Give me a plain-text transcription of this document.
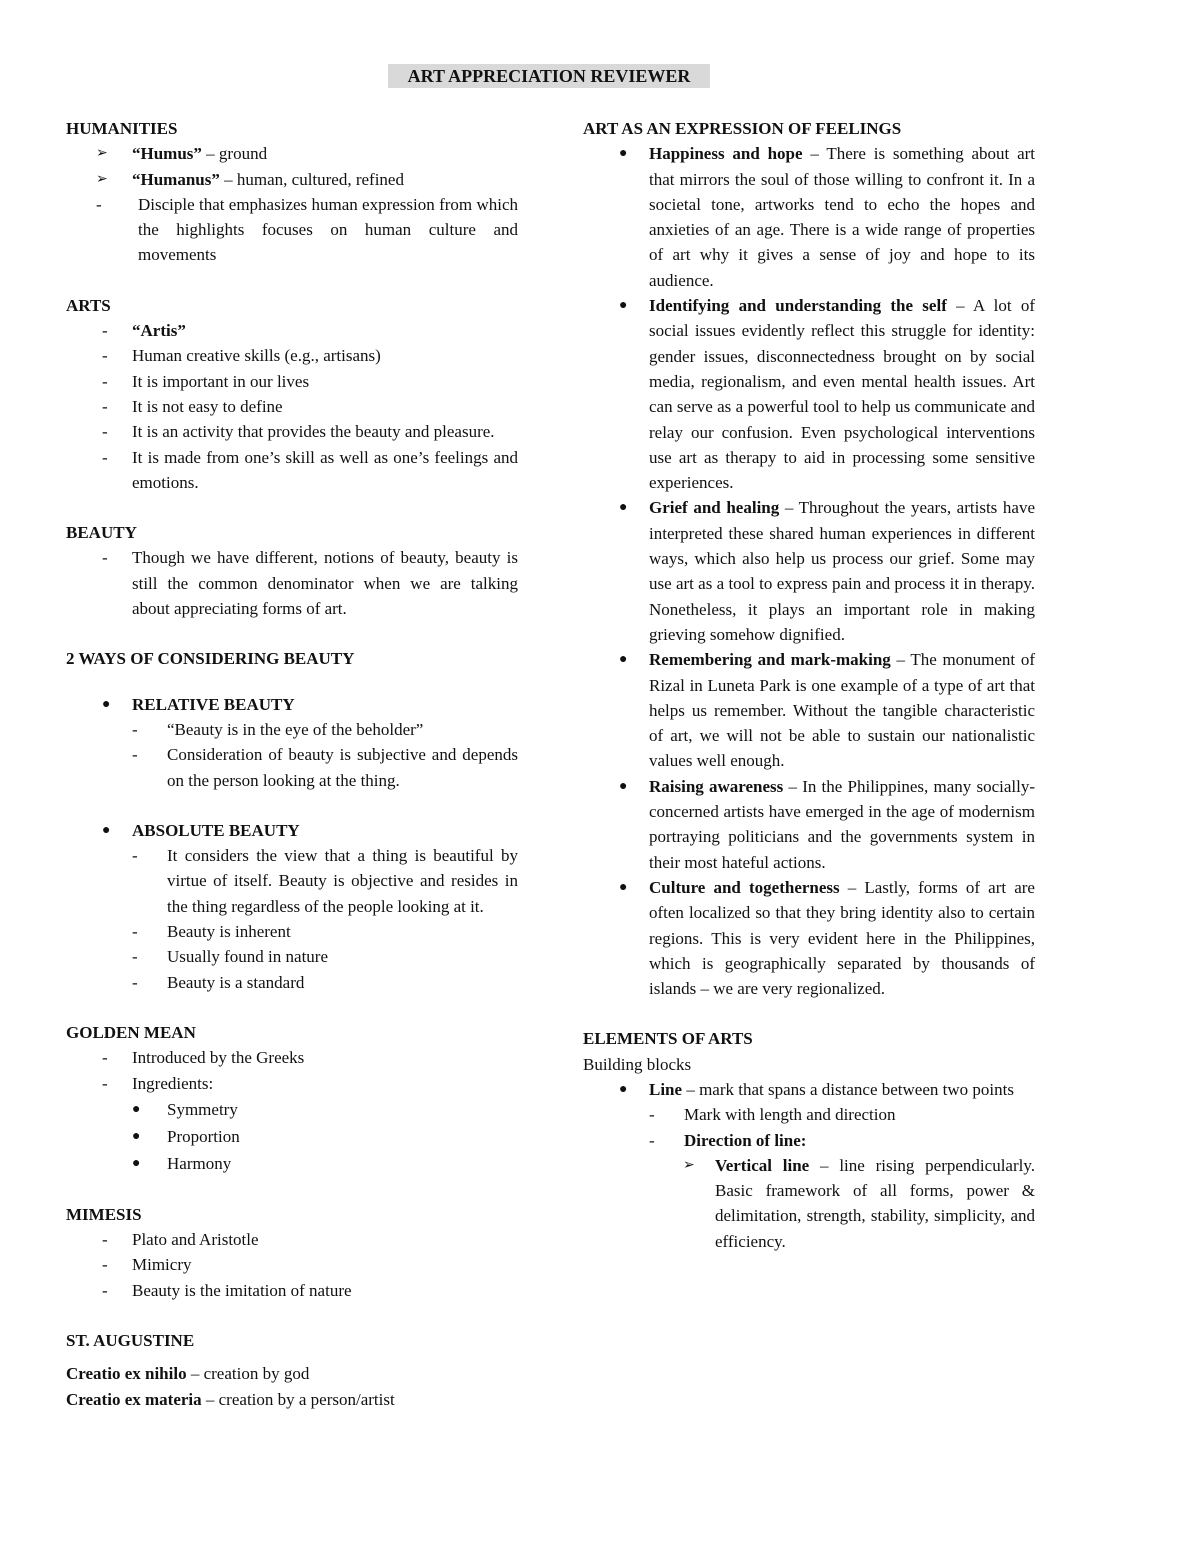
ART APPRECIATION REVIEWER
HUMANITIES
➢ “Humus” – ground
➢ “Humanus” – human, cultured, refined
- Disciple that emphasizes human expression from which the highlights focuses on human culture and movements
ARTS
- “Artis”
- Human creative skills (e.g., artisans)
- It is important in our lives
- It is not easy to define
- It is an activity that provides the beauty and pleasure.
- It is made from one’s skill as well as one’s feelings and emotions.
BEAUTY
- Though we have different, notions of beauty, beauty is still the common denominator when we are talking about appreciating forms of art.
2 WAYS OF CONSIDERING BEAUTY
● RELATIVE BEAUTY
- “Beauty is in the eye of the beholder”
- Consideration of beauty is subjective and depends on the person looking at the thing.
● ABSOLUTE BEAUTY
- It considers the view that a thing is beautiful by virtue of itself. Beauty is objective and resides in the thing regardless of the people looking at it.
- Beauty is inherent
- Usually found in nature
- Beauty is a standard
GOLDEN MEAN
- Introduced by the Greeks
- Ingredients:
● Symmetry
● Proportion
● Harmony
MIMESIS
- Plato and Aristotle
- Mimicry
- Beauty is the imitation of nature
ST. AUGUSTINE
Creatio ex nihilo – creation by god
Creatio ex materia – creation by a person/artist
ART AS AN EXPRESSION OF FEELINGS
● Happiness and hope – There is something about art that mirrors the soul of those willing to confront it. In a societal tone, artworks tend to echo the hopes and anxieties of an age. There is a wide range of properties of art why it gives a sense of joy and hope to its audience.
● Identifying and understanding the self – A lot of social issues evidently reflect this struggle for identity: gender issues, disconnectedness brought on by social media, regionalism, and even mental health issues. Art can serve as a powerful tool to help us communicate and relay our confusion. Even psychological interventions use art as therapy to aid in processing some sensitive experiences.
● Grief and healing – Throughout the years, artists have interpreted these shared human experiences in different ways, which also help us process our grief. Some may use art as a tool to express pain and process it in therapy. Nonetheless, it plays an important role in making grieving somehow dignified.
● Remembering and mark-making – The monument of Rizal in Luneta Park is one example of a type of art that helps us remember. Without the tangible characteristic of art, we will not be able to sustain our nationalistic values well enough.
● Raising awareness – In the Philippines, many socially-concerned artists have emerged in the age of modernism portraying politicians and the governments system in their most hateful actions.
● Culture and togetherness – Lastly, forms of art are often localized so that they bring identity also to certain regions. This is very evident here in the Philippines, which is geographically separated by thousands of islands – we are very regionalized.
ELEMENTS OF ARTS
Building blocks
● Line – mark that spans a distance between two points
- Mark with length and direction
- Direction of line:
➢ Vertical line – line rising perpendicularly. Basic framework of all forms, power & delimitation, strength, stability, simplicity, and efficiency.
